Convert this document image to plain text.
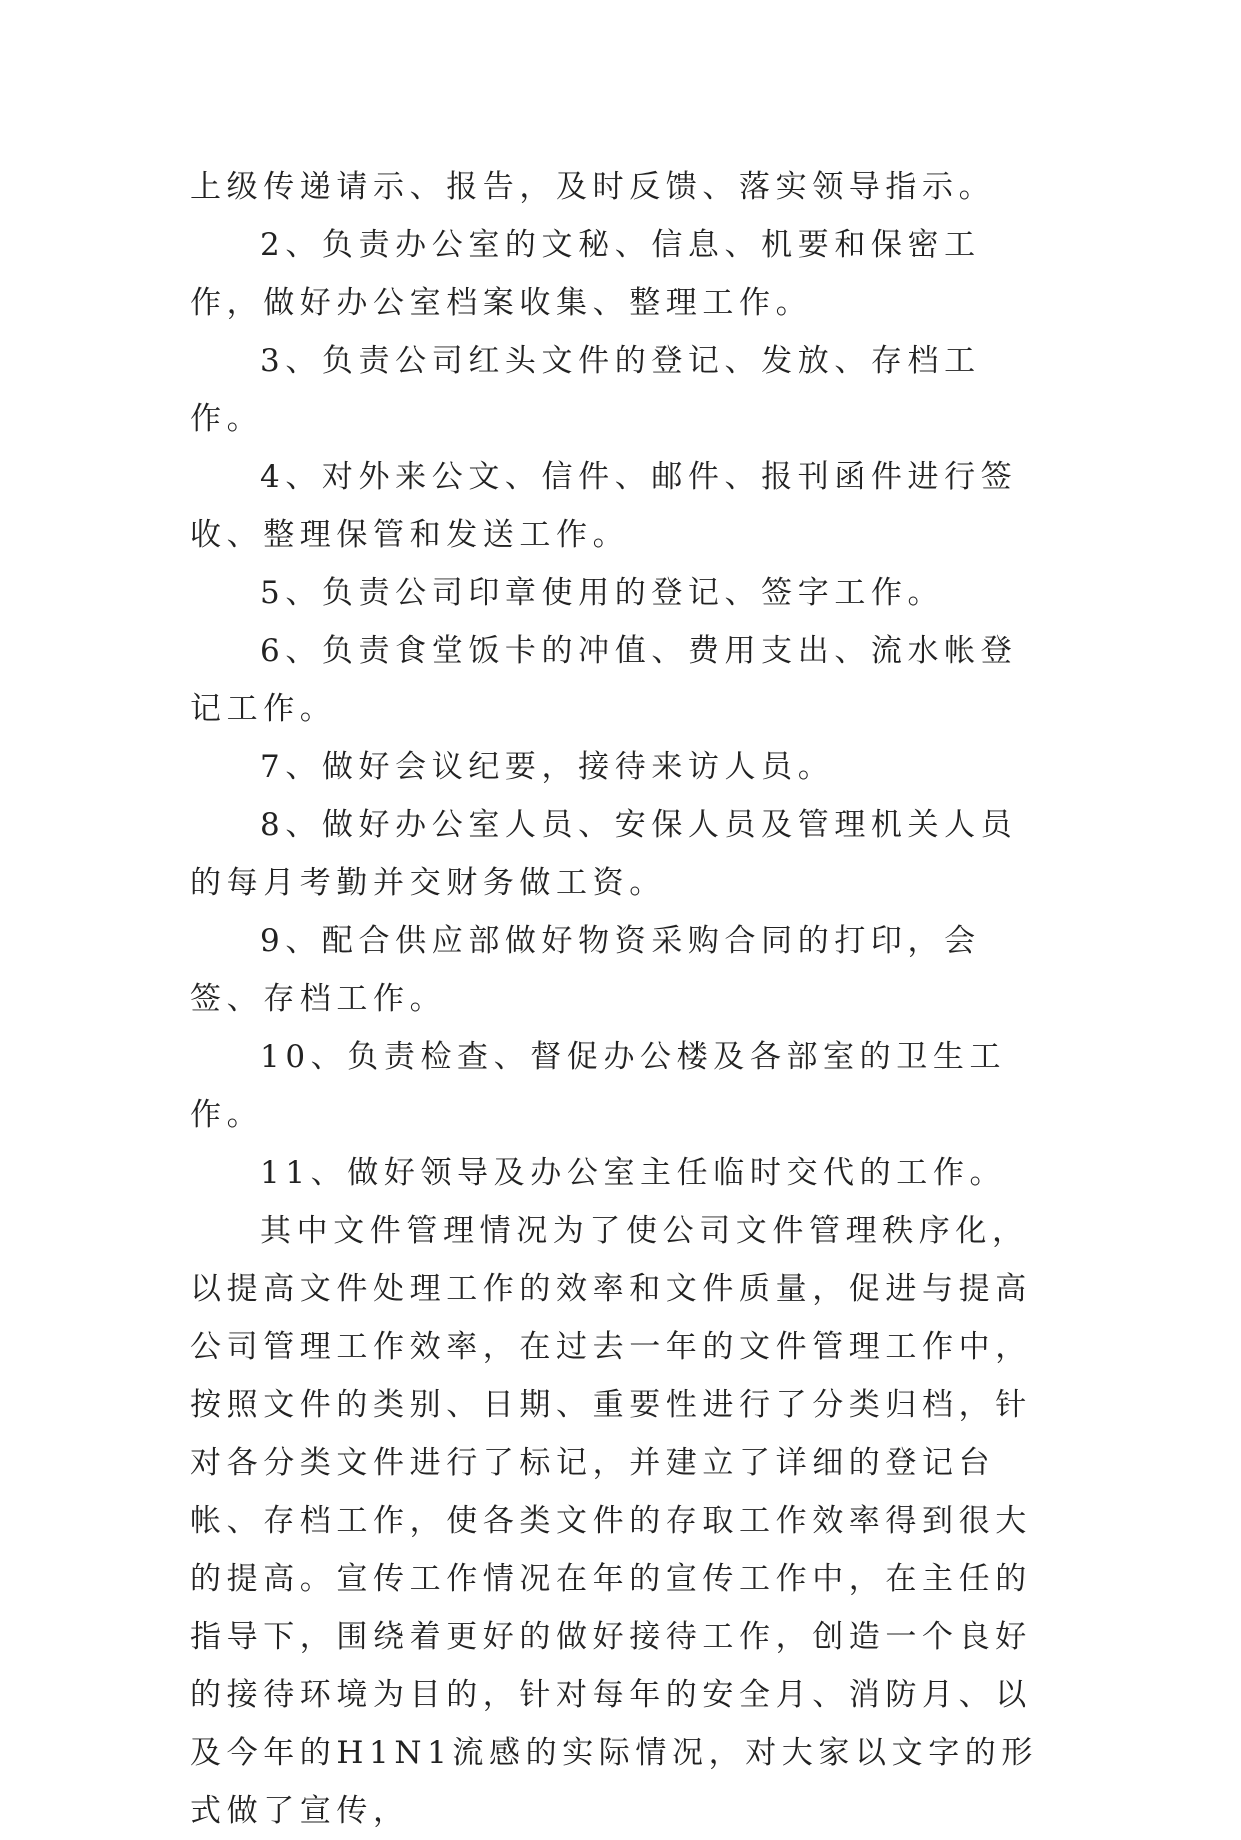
上级传递请示、报告，及时反馈、落实领导指示。

2、负责办公室的文秘、信息、机要和保密工作，做好办公室档案收集、整理工作。

3、负责公司红头文件的登记、发放、存档工作。

4、对外来公文、信件、邮件、报刊函件进行签收、整理保管和发送工作。

5、负责公司印章使用的登记、签字工作。

6、负责食堂饭卡的冲值、费用支出、流水帐登记工作。

7、做好会议纪要，接待来访人员。

8、做好办公室人员、安保人员及管理机关人员的每月考勤并交财务做工资。

9、配合供应部做好物资采购合同的打印，会签、存档工作。

10、负责检查、督促办公楼及各部室的卫生工作。

11、做好领导及办公室主任临时交代的工作。

其中文件管理情况为了使公司文件管理秩序化，以提高文件处理工作的效率和文件质量，促进与提高公司管理工作效率，在过去一年的文件管理工作中，按照文件的类别、日期、重要性进行了分类归档，针对各分类文件进行了标记，并建立了详细的登记台帐、存档工作，使各类文件的存取工作效率得到很大的提高。宣传工作情况在年的宣传工作中，在主任的指导下，围绕着更好的做好接待工作，创造一个良好的接待环境为目的，针对每年的安全月、消防月、以及今年的H1N1流感的实际情况，对大家以文字的形式做了宣传，
